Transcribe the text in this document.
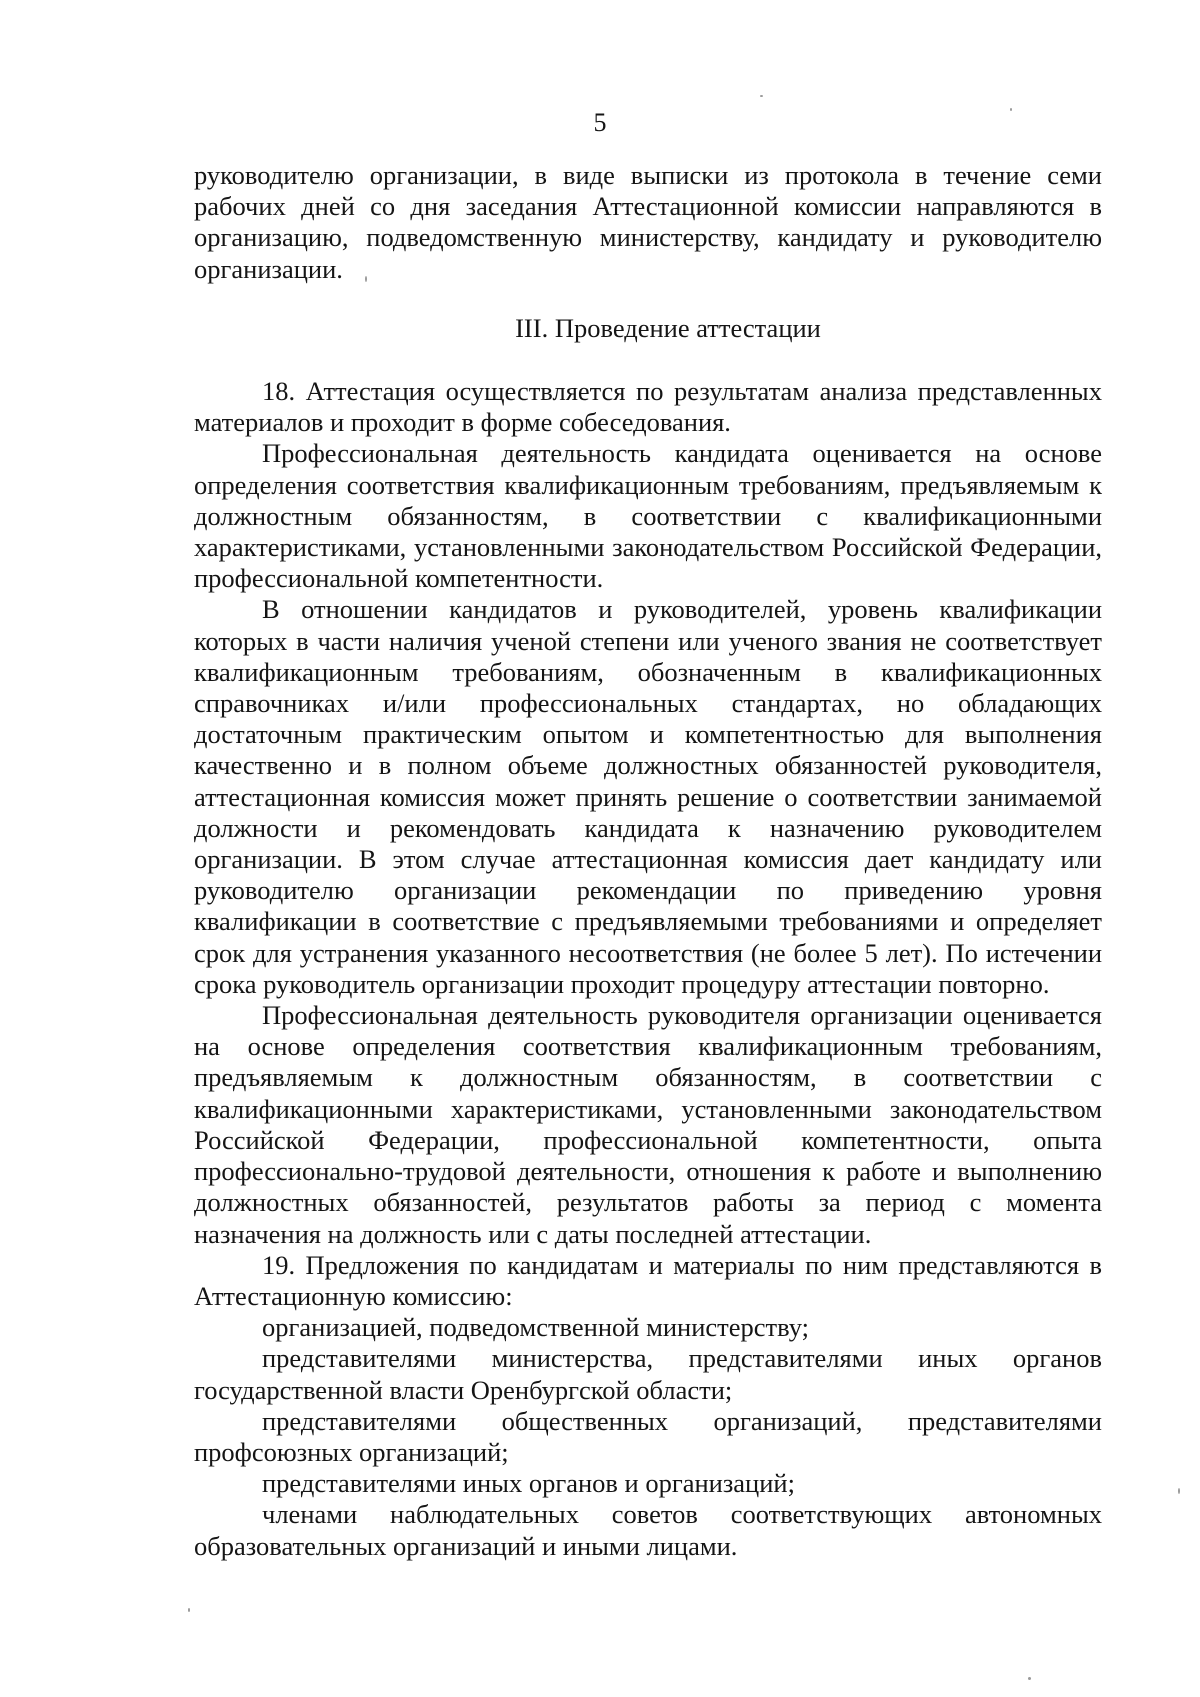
5

руководителю организации, в виде выписки из протокола в течение семи рабочих дней со дня заседания Аттестационной комиссии направляются в организацию, подведомственную министерству, кандидату и руководителю организации.

III. Проведение аттестации

18. Аттестация осуществляется по результатам анализа представленных материалов и проходит в форме собеседования.

Профессиональная деятельность кандидата оценивается на основе определения соответствия квалификационным требованиям, предъявляемым к должностным обязанностям, в соответствии с квалификационными характеристиками, установленными законодательством Российской Федерации, профессиональной компетентности.

В отношении кандидатов и руководителей, уровень квалификации которых в части наличия ученой степени или ученого звания не соответствует квалификационным требованиям, обозначенным в квалификационных справочниках и/или профессиональных стандартах, но обладающих достаточным практическим опытом и компетентностью для выполнения качественно и в полном объеме должностных обязанностей руководителя, аттестационная комиссия может принять решение о соответствии занимаемой должности и рекомендовать кандидата к назначению руководителем организации. В этом случае аттестационная комиссия дает кандидату или руководителю организации рекомендации по приведению уровня квалификации в соответствие с предъявляемыми требованиями и определяет срок для устранения указанного несоответствия (не более 5 лет). По истечении срока руководитель организации проходит процедуру аттестации повторно.

Профессиональная деятельность руководителя организации оценивается на основе определения соответствия квалификационным требованиям, предъявляемым к должностным обязанностям, в соответствии с квалификационными характеристиками, установленными законодательством Российской Федерации, профессиональной компетентности, опыта профессионально-трудовой деятельности, отношения к работе и выполнению должностных обязанностей, результатов работы за период с момента назначения на должность или с даты последней аттестации.

19. Предложения по кандидатам и материалы по ним представляются в Аттестационную комиссию:

организацией, подведомственной министерству;

представителями министерства, представителями иных органов государственной власти Оренбургской области;

представителями общественных организаций, представителями профсоюзных организаций;

представителями иных органов и организаций;

членами наблюдательных советов соответствующих автономных образовательных организаций и иными лицами.
